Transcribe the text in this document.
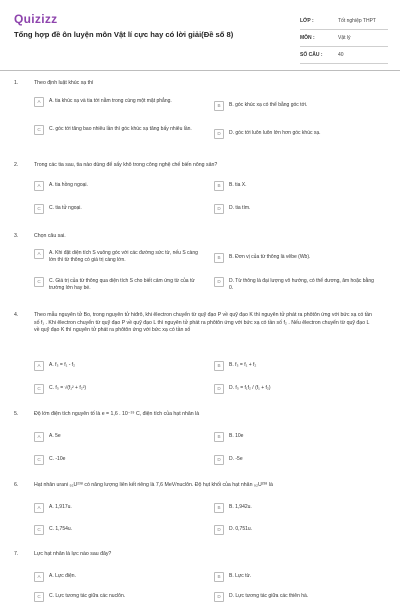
Quizizz
Tổng hợp đề ôn luyện môn Vật lí cực hay có lời giải(Đề số 8)
LỚP :	Tốt nghiệp THPT
MÔN :	Vật lý
SỐ CÂU :	40
1.	Theo định luật khúc xạ thì
A	A. tia khúc xạ và tia tới nằm trong cùng một mặt phẳng.
B	B. góc khúc xạ có thể bằng góc tới.
C	C. góc tới tăng bao nhiêu lần thì góc khúc xạ tăng bấy nhiêu lần.
D	D. góc tới luôn luôn lớn hơn góc khúc xạ.
2.	Trong các tia sau, tia nào dùng để sấy khô trong công nghệ chế biến nông sản?
A	A. tia hồng ngoại.	B	B. tia X.
C	C. tia tử ngoại.	D	D. tia tím.
3.	Chọn câu sai.
A	A. Khi đặt diện tích S vuông góc với các đường sức từ, nếu S càng lớn thì từ thông có giá trị càng lớn.	B	B. Đơn vị của từ thông là vêbe (Wb).
C	C. Giá trị của từ thông qua diện tích S cho biết cảm ứng từ của từ trường lớn hay bé.
D	D. Từ thông là đại lượng vô hướng, có thể dương, âm hoặc bằng 0.
4.	Theo mẫu nguyên tử Bo, trong nguyên tử hiđrô, khi êlectron chuyển từ quỹ đạo P về quỹ đạo K thì nguyên tử phát ra phôtôn ứng với bức xạ có tần số f₁ . Khi êlectron chuyển từ quỹ đạo P về quỹ đạo L thì nguyên tử phát ra phôtôn ứng với bức xạ có tần số f₂ . Nếu êlectron chuyển từ quỹ đạo L về quỹ đạo K thì nguyên tử phát ra phôtôn ứng với bức xạ có tần số
A	A. f₃ = f₁ - f₂	B	B. f₃ = f₁ + f₂
C	C. f₃ = √(f₁² + f₂²)	D	D. f₃ = f₁f₂ / (f₁ + f₂)
5.	Độ lớn điện tích nguyên tố là e = 1,6 . 10⁻¹⁹ C, điện tích của hạt nhân là
A	A. 5e	B	B. 10e
C	C. -10e	D	D. -5e
6.	Hạt nhân urani ₉₂U²³⁸ có năng lượng liên kết riêng là 7,6 MeV/nuclôn. Độ hụt khối của hạt nhân ₉₂U²³⁸ là
A	A. 1,917u.	B	B. 1,942u.
C	C. 1,754u.	D	D. 0,751u.
7.	Lực hạt nhân là lực nào sau đây?
A	A. Lực điện.	B	B. Lực từ.
C	C. Lực tương tác giữa các nuclôn.	D	D. Lực tương tác giữa các thiên hà.
